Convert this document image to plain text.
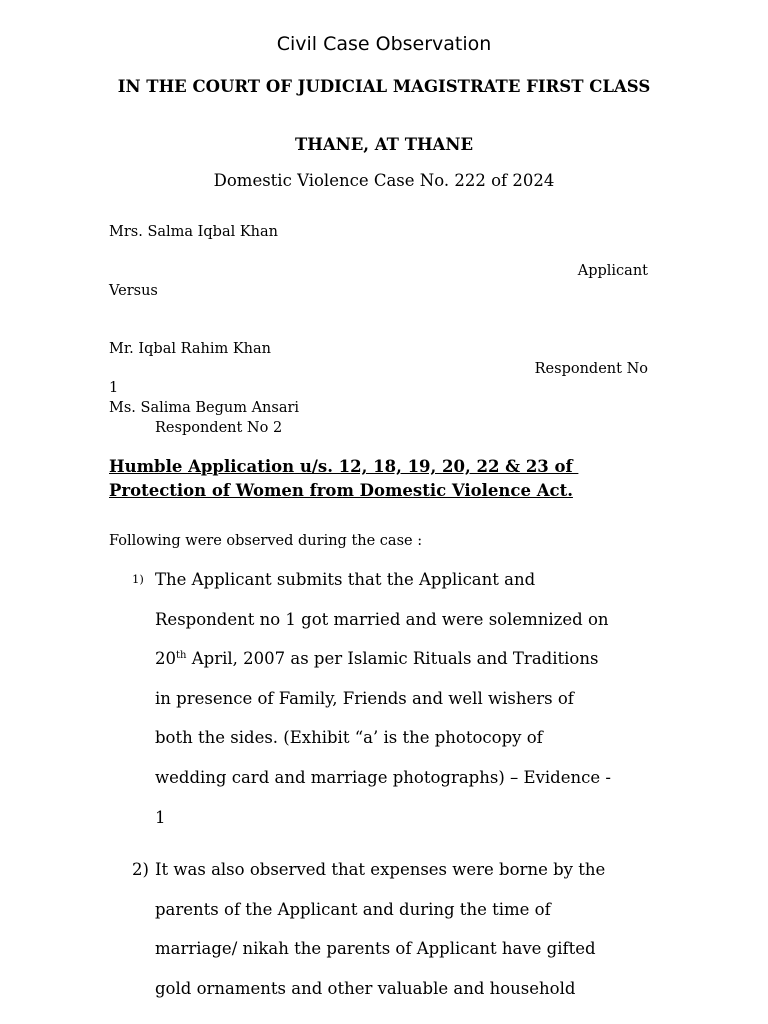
Civil Case Observation
IN THE COURT OF JUDICIAL MAGISTRATE FIRST CLASS
THANE, AT THANE
Domestic Violence Case No. 222 of 2024
Mrs. Salma Iqbal Khan
Applicant
Versus
Mr. Iqbal Rahim Khan
Respondent No
1
Ms. Salima Begum Ansari
Respondent No 2
Humble Application u/s. 12, 18, 19, 20, 22 & 23 of
Protection of Women from Domestic Violence Act.
Following were observed during the case :
1) The Applicant submits that the Applicant and
Respondent no 1 got married and were solemnized on
20th April, 2007 as per Islamic Rituals and Traditions
in presence of Family, Friends and well wishers of
both the sides. (Exhibit “a’ is the photocopy of
wedding card and marriage photographs) – Evidence -
1
2) It was also observed that expenses were borne by the
parents of the Applicant and during the time of
marriage/ nikah the parents of Applicant have gifted
gold ornaments and other valuable and household
